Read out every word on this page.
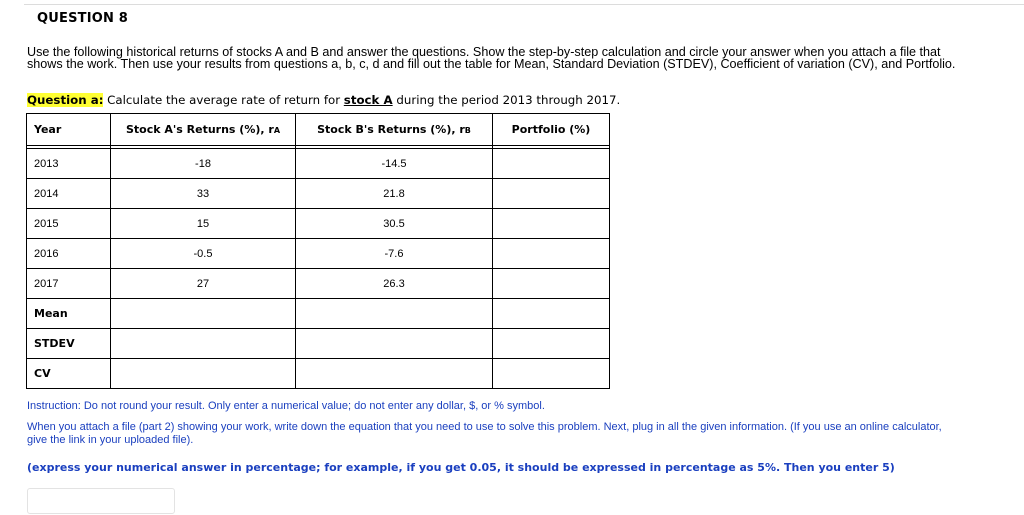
QUESTION 8
Use the following historical returns of stocks A and B and answer the questions. Show the step-by-step calculation and circle your answer when you attach a file that shows the work. Then use your results from questions a, b, c, d and fill out the table for Mean, Standard Deviation (STDEV), Coefficient of variation (CV), and Portfolio.
Question a: Calculate the average rate of return for stock A during the period 2013 through 2017.
Year	Stock A's Returns (%), rA	Stock B's Returns (%), rB	Portfolio (%)

2013	-18	-14.5	
2014	33	21.8	
2015	15	30.5	
2016	-0.5	-7.6	
2017	27	26.3	
Mean			
STDEV			
CV			
Instruction: Do not round your result. Only enter a numerical value; do not enter any dollar, $, or % symbol.
When you attach a file (part 2) showing your work, write down the equation that you need to use to solve this problem. Next, plug in all the given information. (If you use an online calculator, give the link in your uploaded file).
(express your numerical answer in percentage; for example, if you get 0.05, it should be expressed in percentage as 5%. Then you enter 5)
